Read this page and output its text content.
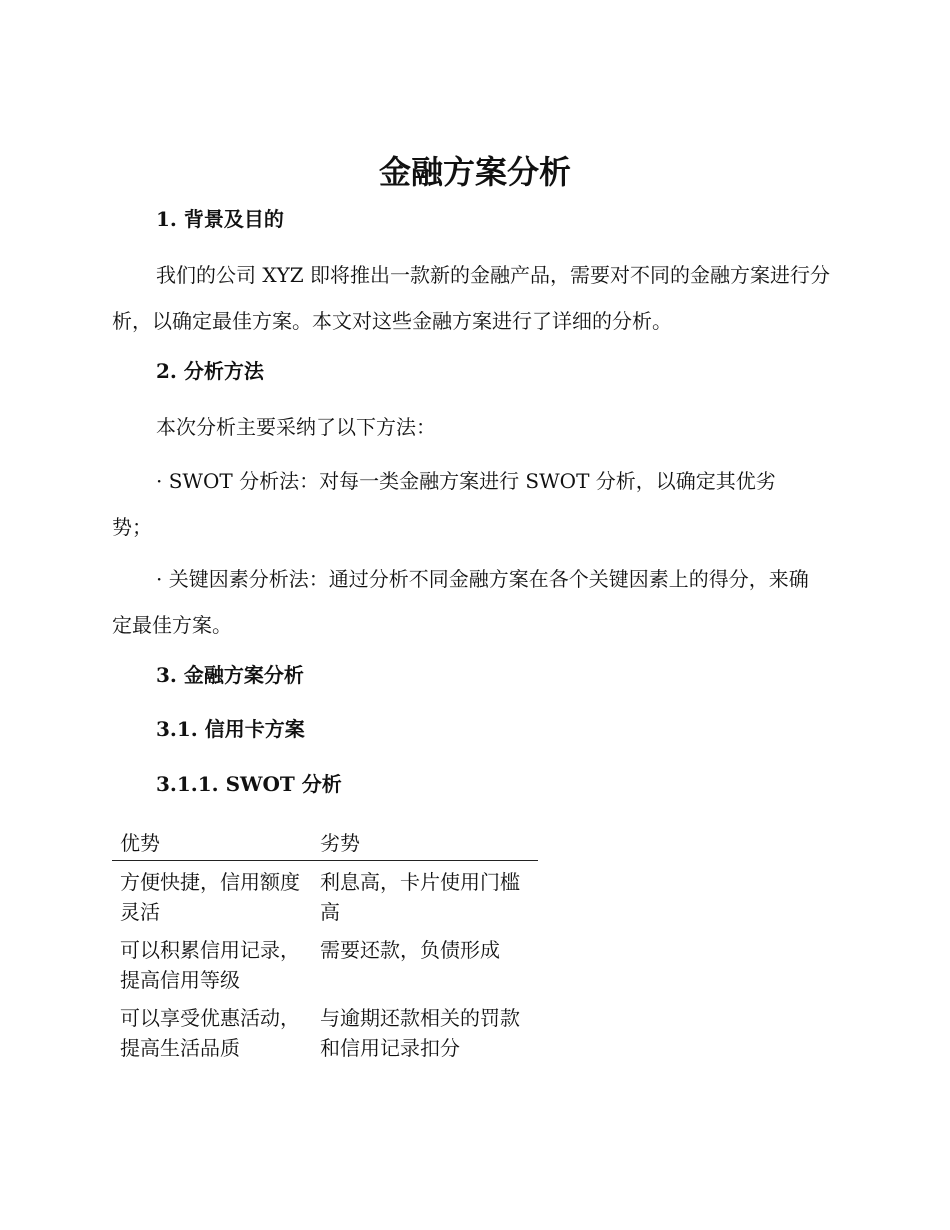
金融方案分析
1. 背景及目的

我们的公司 XYZ 即将推出一款新的金融产品，需要对不同的金融方案进行分析，以确定最佳方案。本文对这些金融方案进行了详细的分析。

2. 分析方法

本次分析主要采纳了以下方法：

· SWOT 分析法：对每一类金融方案进行 SWOT 分析，以确定其优劣势；

· 关键因素分析法：通过分析不同金融方案在各个关键因素上的得分，来确定最佳方案。

3. 金融方案分析
3.1. 信用卡方案
3.1.1. SWOT 分析
优势	劣势
方便快捷，信用额度灵活	利息高，卡片使用门槛高
可以积累信用记录，提高信用等级	需要还款，负债形成
可以享受优惠活动，提高生活品质	与逾期还款相关的罚款和信用记录扣分
